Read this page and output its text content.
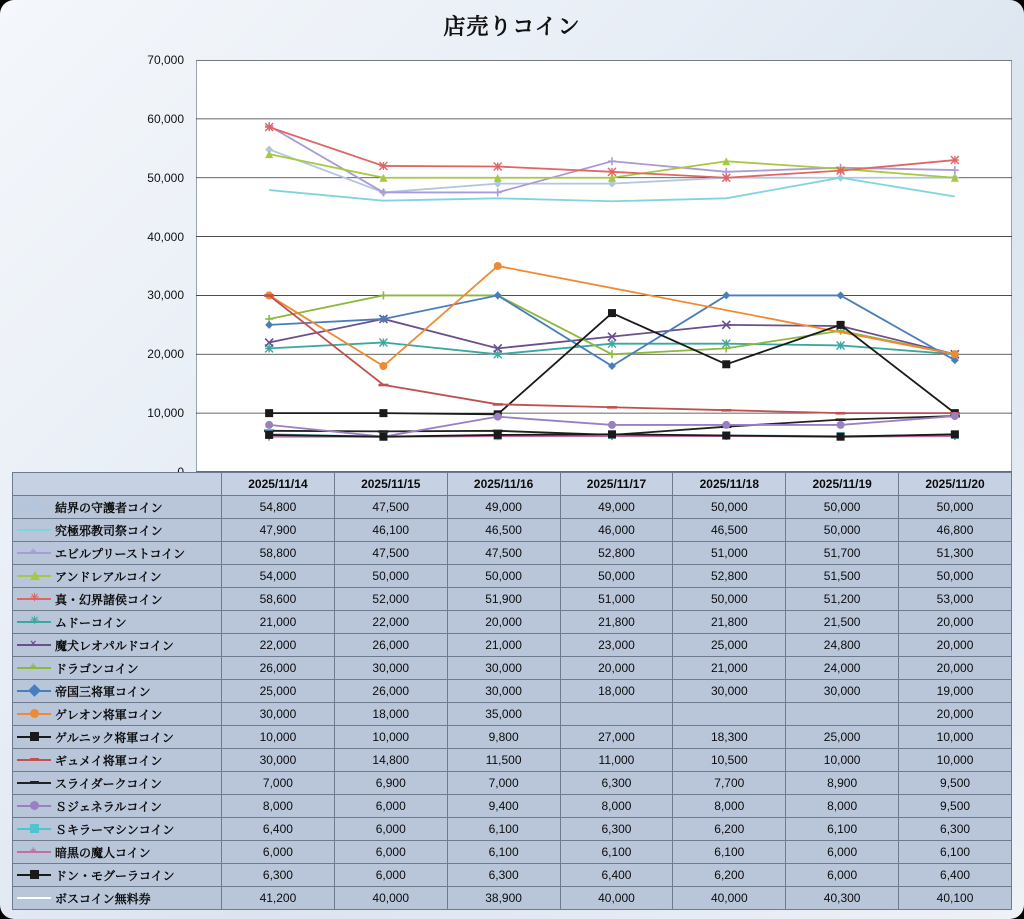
店売りコイン
10,000
20,000
30,000
40,000
50,000
60,000
70,000
	2025/11/14	2025/11/15	2025/11/16	2025/11/17	2025/11/18	2025/11/19	2025/11/20

結界の守護者コイン	54,800	47,500	49,000	49,000	50,000	50,000	50,000

究極邪教司祭コイン	47,900	46,100	46,500	46,000	46,500	50,000	46,800

+ エビルプリーストコイン	58,800	47,500	47,500	52,800	51,000	51,700	51,300

アンドレアルコイン	54,000	50,000	50,000	50,000	52,800	51,500	50,000

✳ 真・幻界諸侯コイン	58,600	52,000	51,900	51,000	50,000	51,200	53,000

✳ ムドーコイン	21,000	22,000	20,000	21,800	21,800	21,500	20,000

× 魔犬レオパルドコイン	22,000	26,000	21,000	23,000	25,000	24,800	20,000

+ ドラゴンコイン	26,000	30,000	30,000	20,000	21,000	24,000	20,000

帝国三将軍コイン	25,000	26,000	30,000	18,000	30,000	30,000	19,000

ゲレオン将軍コイン	30,000	18,000	35,000				20,000

ゲルニック将軍コイン	10,000	10,000	9,800	27,000	18,300	25,000	10,000

ギュメイ将軍コイン	30,000	14,800	11,500	11,000	10,500	10,000	10,000

スライダークコイン	7,000	6,900	7,000	6,300	7,700	8,900	9,500

Ｓジェネラルコイン	8,000	6,000	9,400	8,000	8,000	8,000	9,500

Ｓキラーマシンコイン	6,400	6,000	6,100	6,300	6,200	6,100	6,300

+ 暗黒の魔人コイン	6,000	6,000	6,100	6,100	6,100	6,000	6,100

ドン・モグーラコイン	6,300	6,000	6,300	6,400	6,200	6,000	6,400

ボスコイン無料券	41,200	40,000	38,900	40,000	40,000	40,300	40,100
